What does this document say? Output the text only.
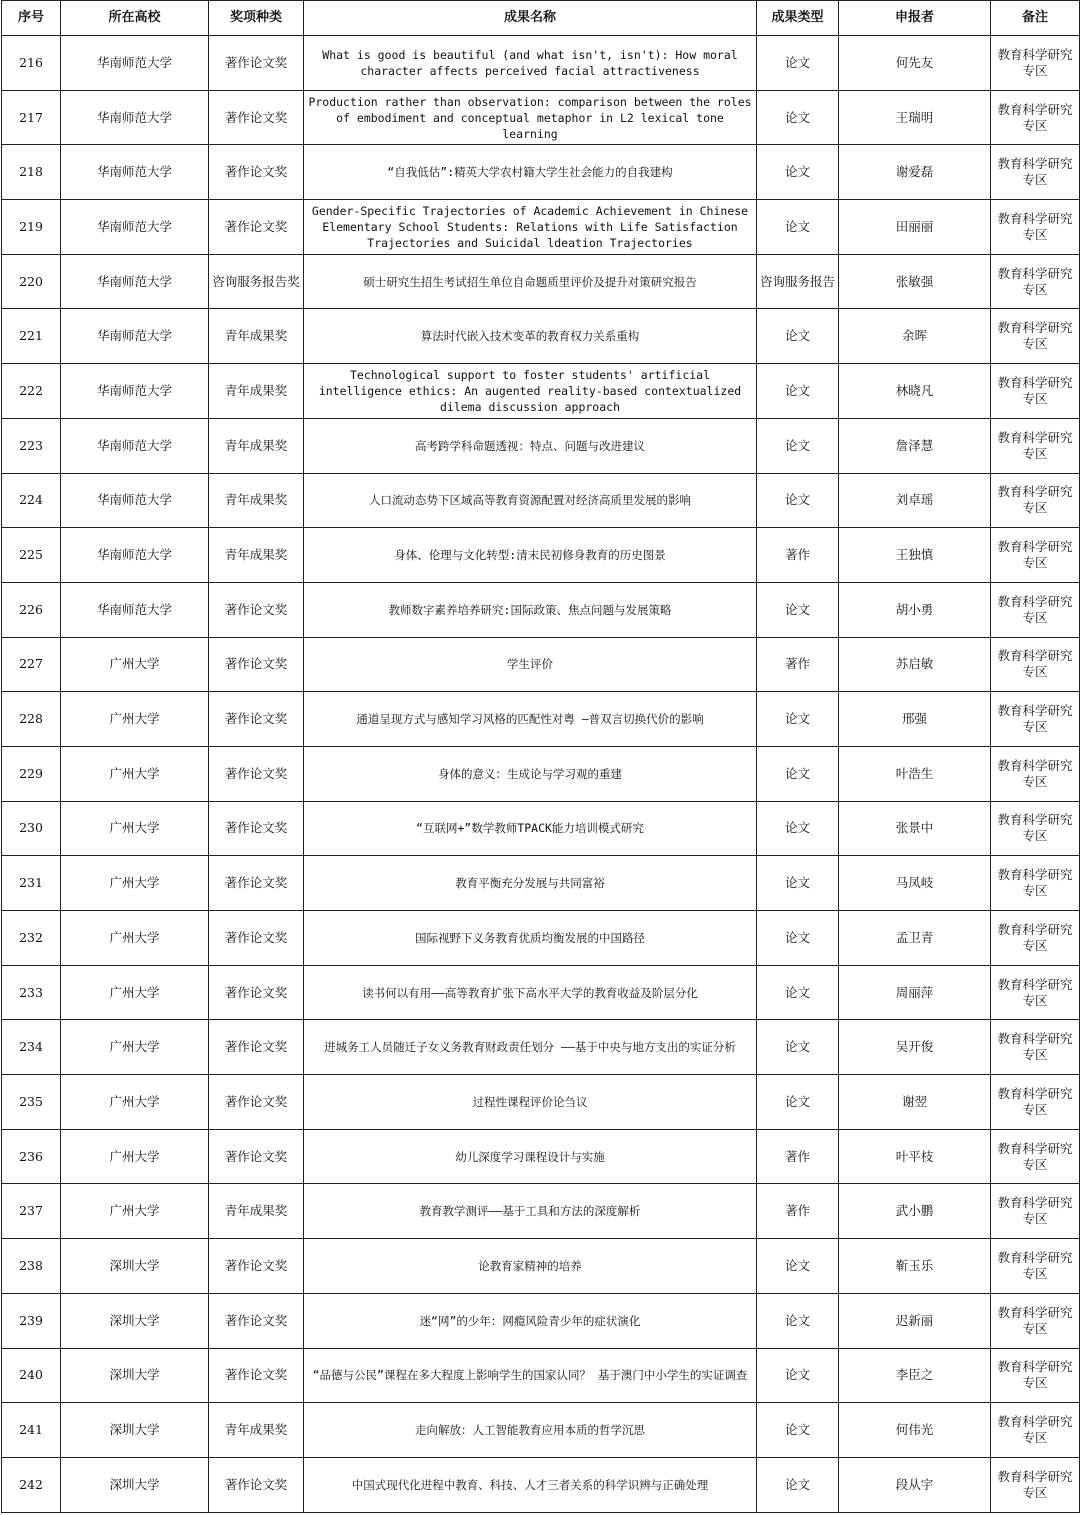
序号	所在高校	奖项种类	成果名称	成果类型	申报者	备注
216	华南师范大学	著作论文奖	What is good is beautiful (and what isn't, isn't): How moral character affects perceived facial attractiveness	论文	何先友	教育科学研究专区
217	华南师范大学	著作论文奖	Production rather than observation: comparison between the roles of embodiment and conceptual metaphor in L2 lexical tone learning	论文	王瑞明	教育科学研究专区
218	华南师范大学	著作论文奖	“自我低估”:精英大学农村籍大学生社会能力的自我建构	论文	谢爱磊	教育科学研究专区
219	华南师范大学	著作论文奖	Gender-Specific Trajectories of Academic Achievement in Chinese Elementary School Students: Relations with Life Satisfaction Trajectories and Suicidal ldeation Trajectories	论文	田丽丽	教育科学研究专区
220	华南师范大学	咨询服务报告奖	硕士研究生招生考试招生单位自命题质里评价及提升对策研究报告	咨询服务报告	张敏强	教育科学研究专区
221	华南师范大学	青年成果奖	算法时代嵌入技术变革的教育权力关系重构	论文	余晖	教育科学研究专区
222	华南师范大学	青年成果奖	Technological support to foster students' artificial intelligence ethics: An augented reality-based contextualized dilema discussion approach	论文	林晓凡	教育科学研究专区
223	华南师范大学	青年成果奖	高考跨学科命题透视：特点、问题与改进建议	论文	詹泽慧	教育科学研究专区
224	华南师范大学	青年成果奖	人口流动态势下区域高等教育资源配置对经济高质里发展的影响	论文	刘卓瑶	教育科学研究专区
225	华南师范大学	青年成果奖	身体、伦理与文化转型:清末民初修身教育的历史图景	著作	王独慎	教育科学研究专区
226	华南师范大学	著作论文奖	教师数字素养培养研究:国际政策、焦点问题与发展策略	论文	胡小勇	教育科学研究专区
227	广州大学	著作论文奖	学生评价	著作	苏启敏	教育科学研究专区
228	广州大学	著作论文奖	通道呈现方式与感知学习风格的匹配性对粤 —普双言切换代价的影响	论文	邢强	教育科学研究专区
229	广州大学	著作论文奖	身体的意义：生成论与学习观的重建	论文	叶浩生	教育科学研究专区
230	广州大学	著作论文奖	“互联网+”数学教师TPACK能力培训模式研究	论文	张景中	教育科学研究专区
231	广州大学	著作论文奖	教育平衡充分发展与共同富裕	论文	马凤岐	教育科学研究专区
232	广州大学	著作论文奖	国际视野下义务教育优质均衡发展的中国路径	论文	孟卫青	教育科学研究专区
233	广州大学	著作论文奖	读书何以有用——高等教育扩张下高水平大学的教育收益及阶层分化	论文	周丽萍	教育科学研究专区
234	广州大学	著作论文奖	进城务工人员随迁子女义务教育财政责任划分 ——基于中央与地方支出的实证分析	论文	吴开俊	教育科学研究专区
235	广州大学	著作论文奖	过程性课程评价论刍议	论文	谢翌	教育科学研究专区
236	广州大学	著作论文奖	幼儿深度学习课程设计与实施	著作	叶平枝	教育科学研究专区
237	广州大学	青年成果奖	教育教学测评——基于工具和方法的深度解析	著作	武小鹏	教育科学研究专区
238	深圳大学	著作论文奖	论教育家精神的培养	论文	靳玉乐	教育科学研究专区
239	深圳大学	著作论文奖	迷“网”的少年：网瘾风险青少年的症状演化	论文	迟新丽	教育科学研究专区
240	深圳大学	著作论文奖	“品德与公民”课程在多大程度上影响学生的国家认同？ 基于澳门中小学生的实证调查	论文	李臣之	教育科学研究专区
241	深圳大学	青年成果奖	走向解放：人工智能教育应用本质的哲学沉思	论文	何伟光	教育科学研究专区
242	深圳大学	著作论文奖	中国式现代化进程中教育、科技、人才三者关系的科学识辨与正确处理	论文	段从宇	教育科学研究专区
